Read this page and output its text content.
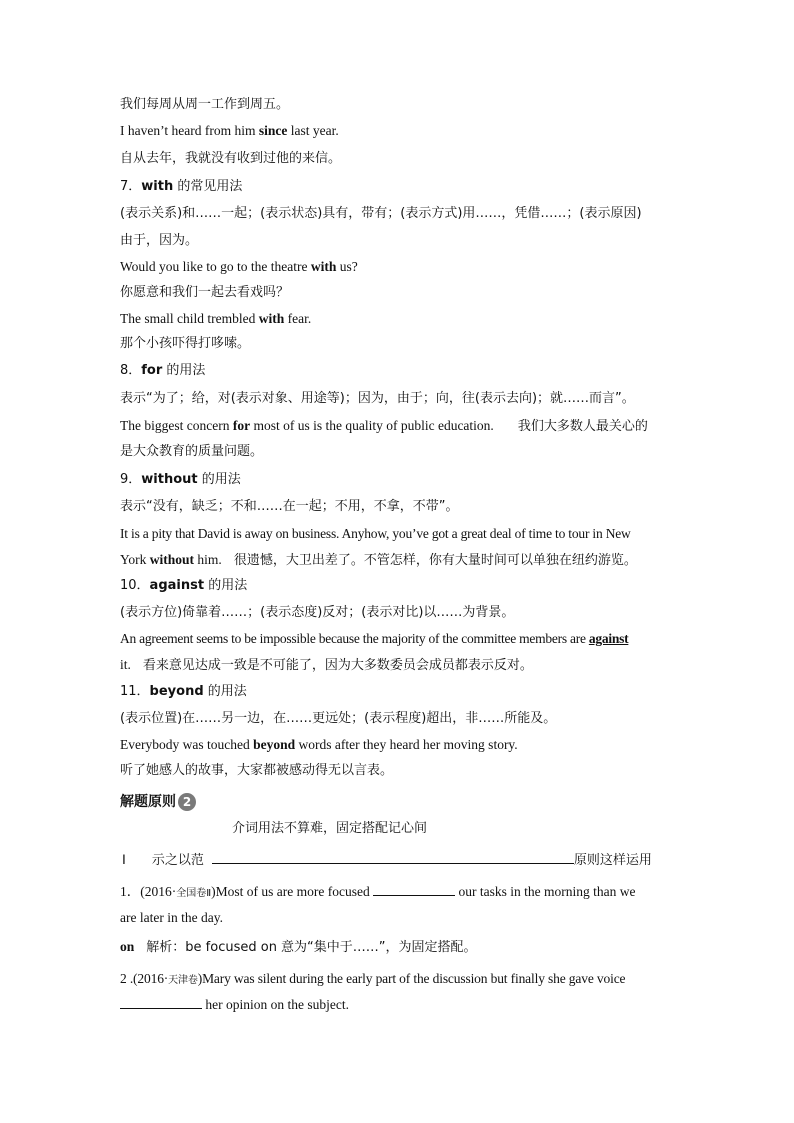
我们每周从周一工作到周五。
I haven’t heard from him since last year.
自从去年，我就没有收到过他的来信。
7．with 的常见用法
(表示关系)和……一起；(表示状态)具有，带有；(表示方式)用……，凭借……；(表示原因)
由于，因为。
Would you like to go to the theatre with us?
你愿意和我们一起去看戏吗？
The small child trembled with fear.
那个小孩吓得打哆嗦。
8．for 的用法
表示“为了；给，对(表示对象、用途等)；因为，由于；向，往(表示去向)；就……而言”。
The biggest concern for most of us is the quality of public education. 我们大多数人最关心的
是大众教育的质量问题。
9．without 的用法
表示“没有，缺乏；不和……在一起；不用，不拿，不带”。
It is a pity that David is away on business. Anyhow, you’ve got a great deal of time to tour in New
York without him. 很遗憾，大卫出差了。不管怎样，你有大量时间可以单独在纽约游览。
10．against 的用法
(表示方位)倚靠着……；(表示态度)反对；(表示对比)以……为背景。
An agreement seems to be impossible because the majority of the committee members are against
it. 看来意见达成一致是不可能了，因为大多数委员会成员都表示反对。
11．beyond 的用法
(表示位置)在……另一边，在……更远处；(表示程度)超出，非……所能及。
Everybody was touched beyond words after they heard her moving story.
听了她感人的故事，大家都被感动得无以言表。
解题原则 2
介词用法不算难，固定搭配记心间
Ⅰ 示之以范	原则这样运用
1．(2016·全国卷Ⅱ)Most of us are more focused	our tasks in the morning than we
are later in the day.
on 解析：be focused on 意为“集中于……”，为固定搭配。
2 .(2016·天津卷)Mary was silent during the early part of the discussion but finally she gave voice
her opinion on the subject.
